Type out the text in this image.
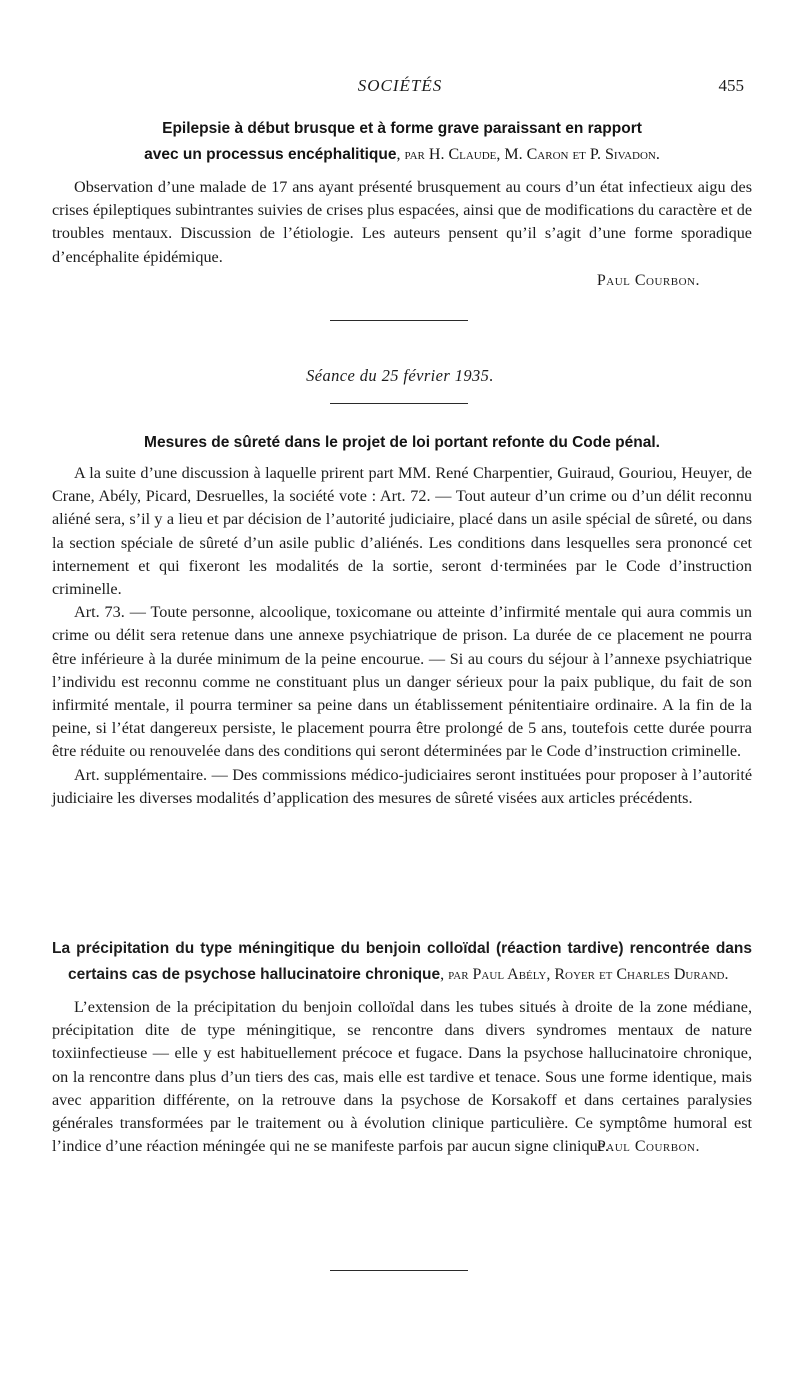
SOCIÉTÉS	455
Epilepsie à début brusque et à forme grave paraissant en rapport
avec un processus encéphalitique, par H. Claude, M. Caron et P. Sivadon.

Observation d’une malade de 17 ans ayant présenté brusquement au cours d’un état infectieux aigu des crises épileptiques subintrantes suivies de crises plus espacées, ainsi que de modifications du caractère et de troubles mentaux. Discussion de l’étiologie. Les auteurs pensent qu’il s’agit d’une forme sporadique d’encéphalite épidémique.

Paul Courbon.

Séance du 25 février 1935.
Mesures de sûreté dans le projet de loi portant refonte du Code pénal.

A la suite d’une discussion à laquelle prirent part MM. René Charpentier, Guiraud, Gouriou, Heuyer, de Crane, Abély, Picard, Desruelles, la société vote : Art. 72. — Tout auteur d’un crime ou d’un délit reconnu aliéné sera, s’il y a lieu et par décision de l’autorité judiciaire, placé dans un asile spécial de sûreté, ou dans la section spéciale de sûreté d’un asile public d’aliénés. Les conditions dans lesquelles sera prononcé cet internement et qui fixeront les modalités de la sortie, seront d·terminées par le Code d’instruction criminelle.

Art. 73. — Toute personne, alcoolique, toxicomane ou atteinte d’infirmité mentale qui aura commis un crime ou délit sera retenue dans une annexe psychiatrique de prison. La durée de ce placement ne pourra être inférieure à la durée minimum de la peine encourue. — Si au cours du séjour à l’annexe psychiatrique l’individu est reconnu comme ne constituant plus un danger sérieux pour la paix publique, du fait de son infirmité mentale, il pourra terminer sa peine dans un établissement pénitentiaire ordinaire. A la fin de la peine, si l’état dangereux persiste, le placement pourra être prolongé de 5 ans, toutefois cette durée pourra être réduite ou renouvelée dans des conditions qui seront déterminées par le Code d’instruction criminelle.

Art. supplémentaire. — Des commissions médico-judiciaires seront instituées pour proposer à l’autorité judiciaire les diverses modalités d’application des mesures de sûreté visées aux articles précédents.

La précipitation du type méningitique du benjoin colloïdal (réaction tardive) rencontrée dans certains cas de psychose hallucinatoire chronique, par Paul Abély, Royer et Charles Durand.

L’extension de la précipitation du benjoin colloïdal dans les tubes situés à droite de la zone médiane, précipitation dite de type méningitique, se rencontre dans divers syndromes mentaux de nature toxiinfectieuse — elle y est habituellement précoce et fugace. Dans la psychose hallucinatoire chronique, on la rencontre dans plus d’un tiers des cas, mais elle est tardive et tenace. Sous une forme identique, mais avec apparition différente, on la retrouve dans la psychose de Korsakoff et dans certaines paralysies générales transformées par le traitement ou à évolution clinique particulière. Ce symptôme humoral est l’indice d’une réaction méningée qui ne se manifeste parfois par aucun signe clinique.

Paul Courbon.
